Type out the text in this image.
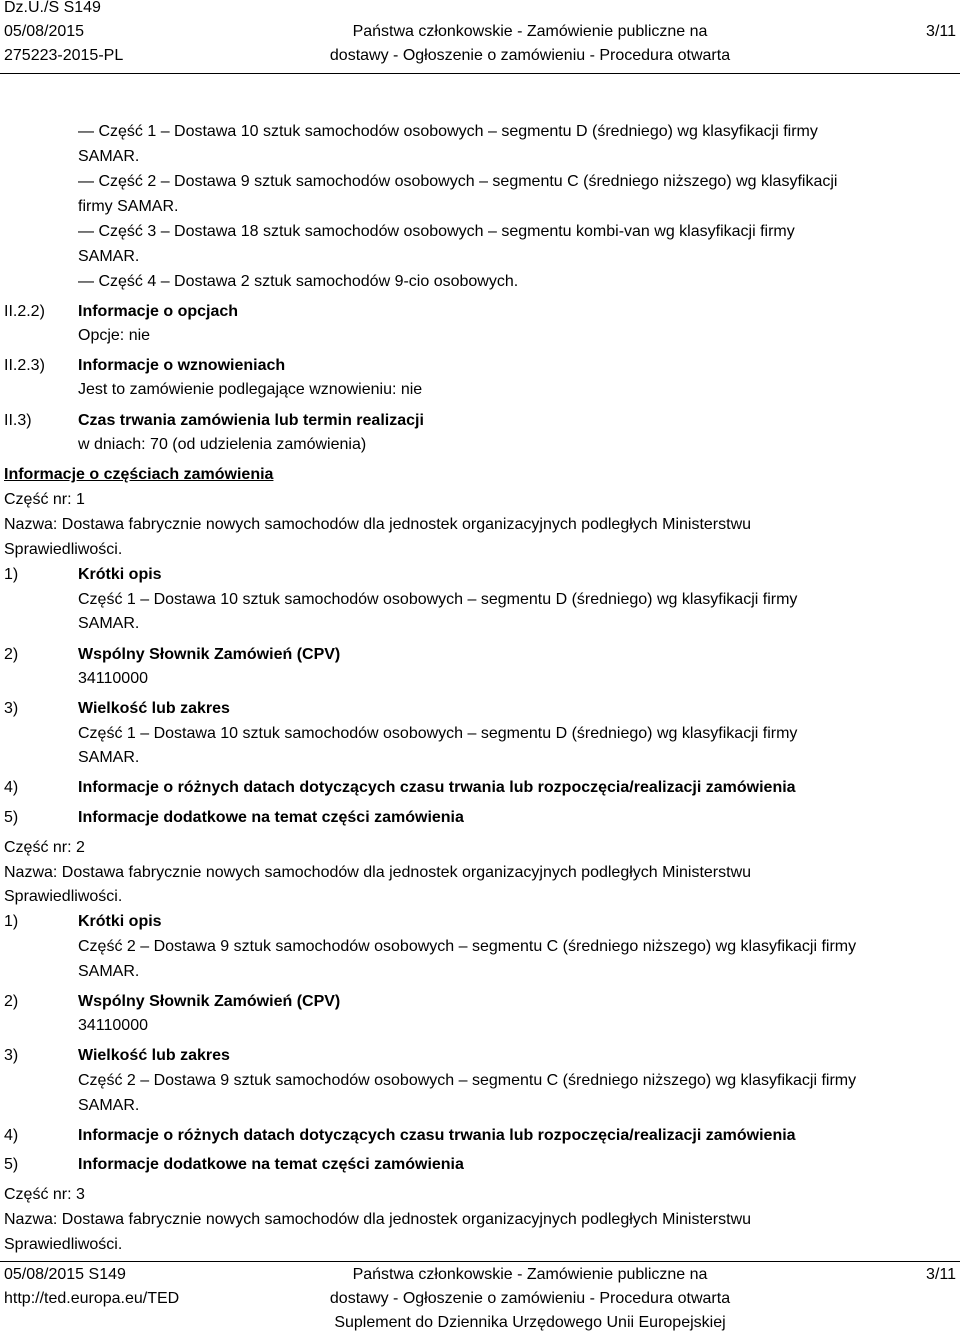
Dz.U./S S149
05/08/2015
275223-2015-PL
Państwa członkowskie - Zamówienie publiczne na
dostawy - Ogłoszenie o zamówieniu - Procedura otwarta
3/11
— Część 1 – Dostawa 10 sztuk samochodów osobowych – segmentu D (średniego) wg klasyfikacji firmy
SAMAR.
— Część 2 – Dostawa 9 sztuk samochodów osobowych – segmentu C (średniego niższego) wg klasyfikacji
firmy SAMAR.
— Część 3 – Dostawa 18 sztuk samochodów osobowych – segmentu kombi-van wg klasyfikacji firmy
SAMAR.
— Część 4 – Dostawa 2 sztuk samochodów 9-cio osobowych.
II.2.2) Informacje o opcjach
Opcje: nie
II.2.3) Informacje o wznowieniach
Jest to zamówienie podlegające wznowieniu: nie
II.3)	Czas trwania zamówienia lub termin realizacji
w dniach: 70 (od udzielenia zamówienia)
Informacje o częściach zamówienia
Część nr: 1
Nazwa: Dostawa fabrycznie nowych samochodów dla jednostek organizacyjnych podległych Ministerstwu
Sprawiedliwości.
1)	Krótki opis
Część 1 – Dostawa 10 sztuk samochodów osobowych – segmentu D (średniego) wg klasyfikacji firmy
SAMAR.
2)	Wspólny Słownik Zamówień (CPV)
34110000
3)	Wielkość lub zakres
Część 1 – Dostawa 10 sztuk samochodów osobowych – segmentu D (średniego) wg klasyfikacji firmy
SAMAR.
4)	Informacje o różnych datach dotyczących czasu trwania lub rozpoczęcia/realizacji zamówienia
5)	Informacje dodatkowe na temat części zamówienia
Część nr: 2
Nazwa: Dostawa fabrycznie nowych samochodów dla jednostek organizacyjnych podległych Ministerstwu
Sprawiedliwości.
1)	Krótki opis
Część 2 – Dostawa 9 sztuk samochodów osobowych – segmentu C (średniego niższego) wg klasyfikacji firmy
SAMAR.
2)	Wspólny Słownik Zamówień (CPV)
34110000
3)	Wielkość lub zakres
Część 2 – Dostawa 9 sztuk samochodów osobowych – segmentu C (średniego niższego) wg klasyfikacji firmy
SAMAR.
4)	Informacje o różnych datach dotyczących czasu trwania lub rozpoczęcia/realizacji zamówienia
5)	Informacje dodatkowe na temat części zamówienia
Część nr: 3
Nazwa: Dostawa fabrycznie nowych samochodów dla jednostek organizacyjnych podległych Ministerstwu
Sprawiedliwości.
05/08/2015 S149
http://ted.europa.eu/TED
Państwa członkowskie - Zamówienie publiczne na
dostawy - Ogłoszenie o zamówieniu - Procedura otwarta
Suplement do Dziennika Urzędowego Unii Europejskiej
3/11
